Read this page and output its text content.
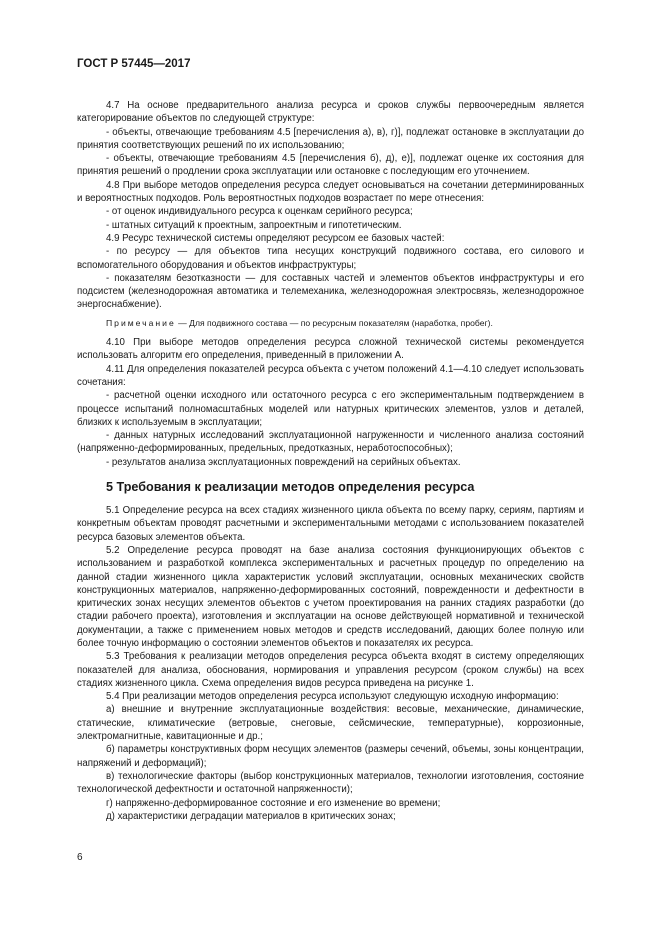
ГОСТ Р 57445—2017

4.7 На основе предварительного анализа ресурса и сроков службы первоочередным является категорирование объектов по следующей структуре:

- объекты, отвечающие требованиям 4.5 [перечисления а), в), г)], подлежат остановке в эксплуатации до принятия соответствующих решений по их использованию;

- объекты, отвечающие требованиям 4.5 [перечисления б), д), е)], подлежат оценке их состояния для принятия решений о продлении срока эксплуатации или остановке с последующим его уточнением.

4.8 При выборе методов определения ресурса следует основываться на сочетании детерминированных и вероятностных подходов. Роль вероятностных подходов возрастает по мере отнесения:

- от оценок индивидуального ресурса к оценкам серийного ресурса;

- штатных ситуаций к проектным, запроектным и гипотетическим.

4.9 Ресурс технической системы определяют ресурсом ее базовых частей:

- по ресурсу — для объектов типа несущих конструкций подвижного состава, его силового и вспомогательного оборудования и объектов инфраструктуры;

- показателям безотказности — для составных частей и элементов объектов инфраструктуры и его подсистем (железнодорожная автоматика и телемеханика, железнодорожная электросвязь, железнодорожное энергоснабжение).

Примечание — Для подвижного состава — по ресурсным показателям (наработка, пробег).

4.10 При выборе методов определения ресурса сложной технической системы рекомендуется использовать алгоритм его определения, приведенный в приложении А.

4.11 Для определения показателей ресурса объекта с учетом положений 4.1—4.10 следует использовать сочетания:

- расчетной оценки исходного или остаточного ресурса с его экспериментальным подтверждением в процессе испытаний полномасштабных моделей или натурных критических элементов, узлов и деталей, близких к используемым в эксплуатации;

- данных натурных исследований эксплуатационной нагруженности и численного анализа состояний (напряженно-деформированных, предельных, предотказных, неработоспособных);

- результатов анализа эксплуатационных повреждений на серийных объектах.

5 Требования к реализации методов определения ресурса

5.1 Определение ресурса на всех стадиях жизненного цикла объекта по всему парку, сериям, партиям и конкретным объектам проводят расчетными и экспериментальными методами с использованием показателей ресурса базовых элементов объекта.

5.2 Определение ресурса проводят на базе анализа состояния функционирующих объектов с использованием и разработкой комплекса экспериментальных и расчетных процедур по определению на данной стадии жизненного цикла характеристик условий эксплуатации, основных механических свойств конструкционных материалов, напряженно-деформированных состояний, поврежденности и дефектности в критических зонах несущих элементов объектов с учетом проектирования на ранних стадиях разработки (до стадии рабочего проекта), изготовления и эксплуатации на основе действующей нормативной и технической документации, а также с применением новых методов и средств исследований, дающих более полную или более точную информацию о состоянии элементов объектов и показателях их ресурса.

5.3 Требования к реализации методов определения ресурса объекта входят в систему определяющих показателей для анализа, обоснования, нормирования и управления ресурсом (сроком службы) на всех стадиях жизненного цикла. Схема определения видов ресурса приведена на рисунке 1.

5.4 При реализации методов определения ресурса используют следующую исходную информацию:

а) внешние и внутренние эксплуатационные воздействия: весовые, механические, динамические, статические, климатические (ветровые, снеговые, сейсмические, температурные), коррозионные, электромагнитные, кавитационные и др.;

б) параметры конструктивных форм несущих элементов (размеры сечений, объемы, зоны концентрации, напряжений и деформаций);

в) технологические факторы (выбор конструкционных материалов, технологии изготовления, состояние технологической дефектности и остаточной напряженности);

г) напряженно-деформированное состояние и его изменение во времени;

д) характеристики деградации материалов в критических зонах;

6
